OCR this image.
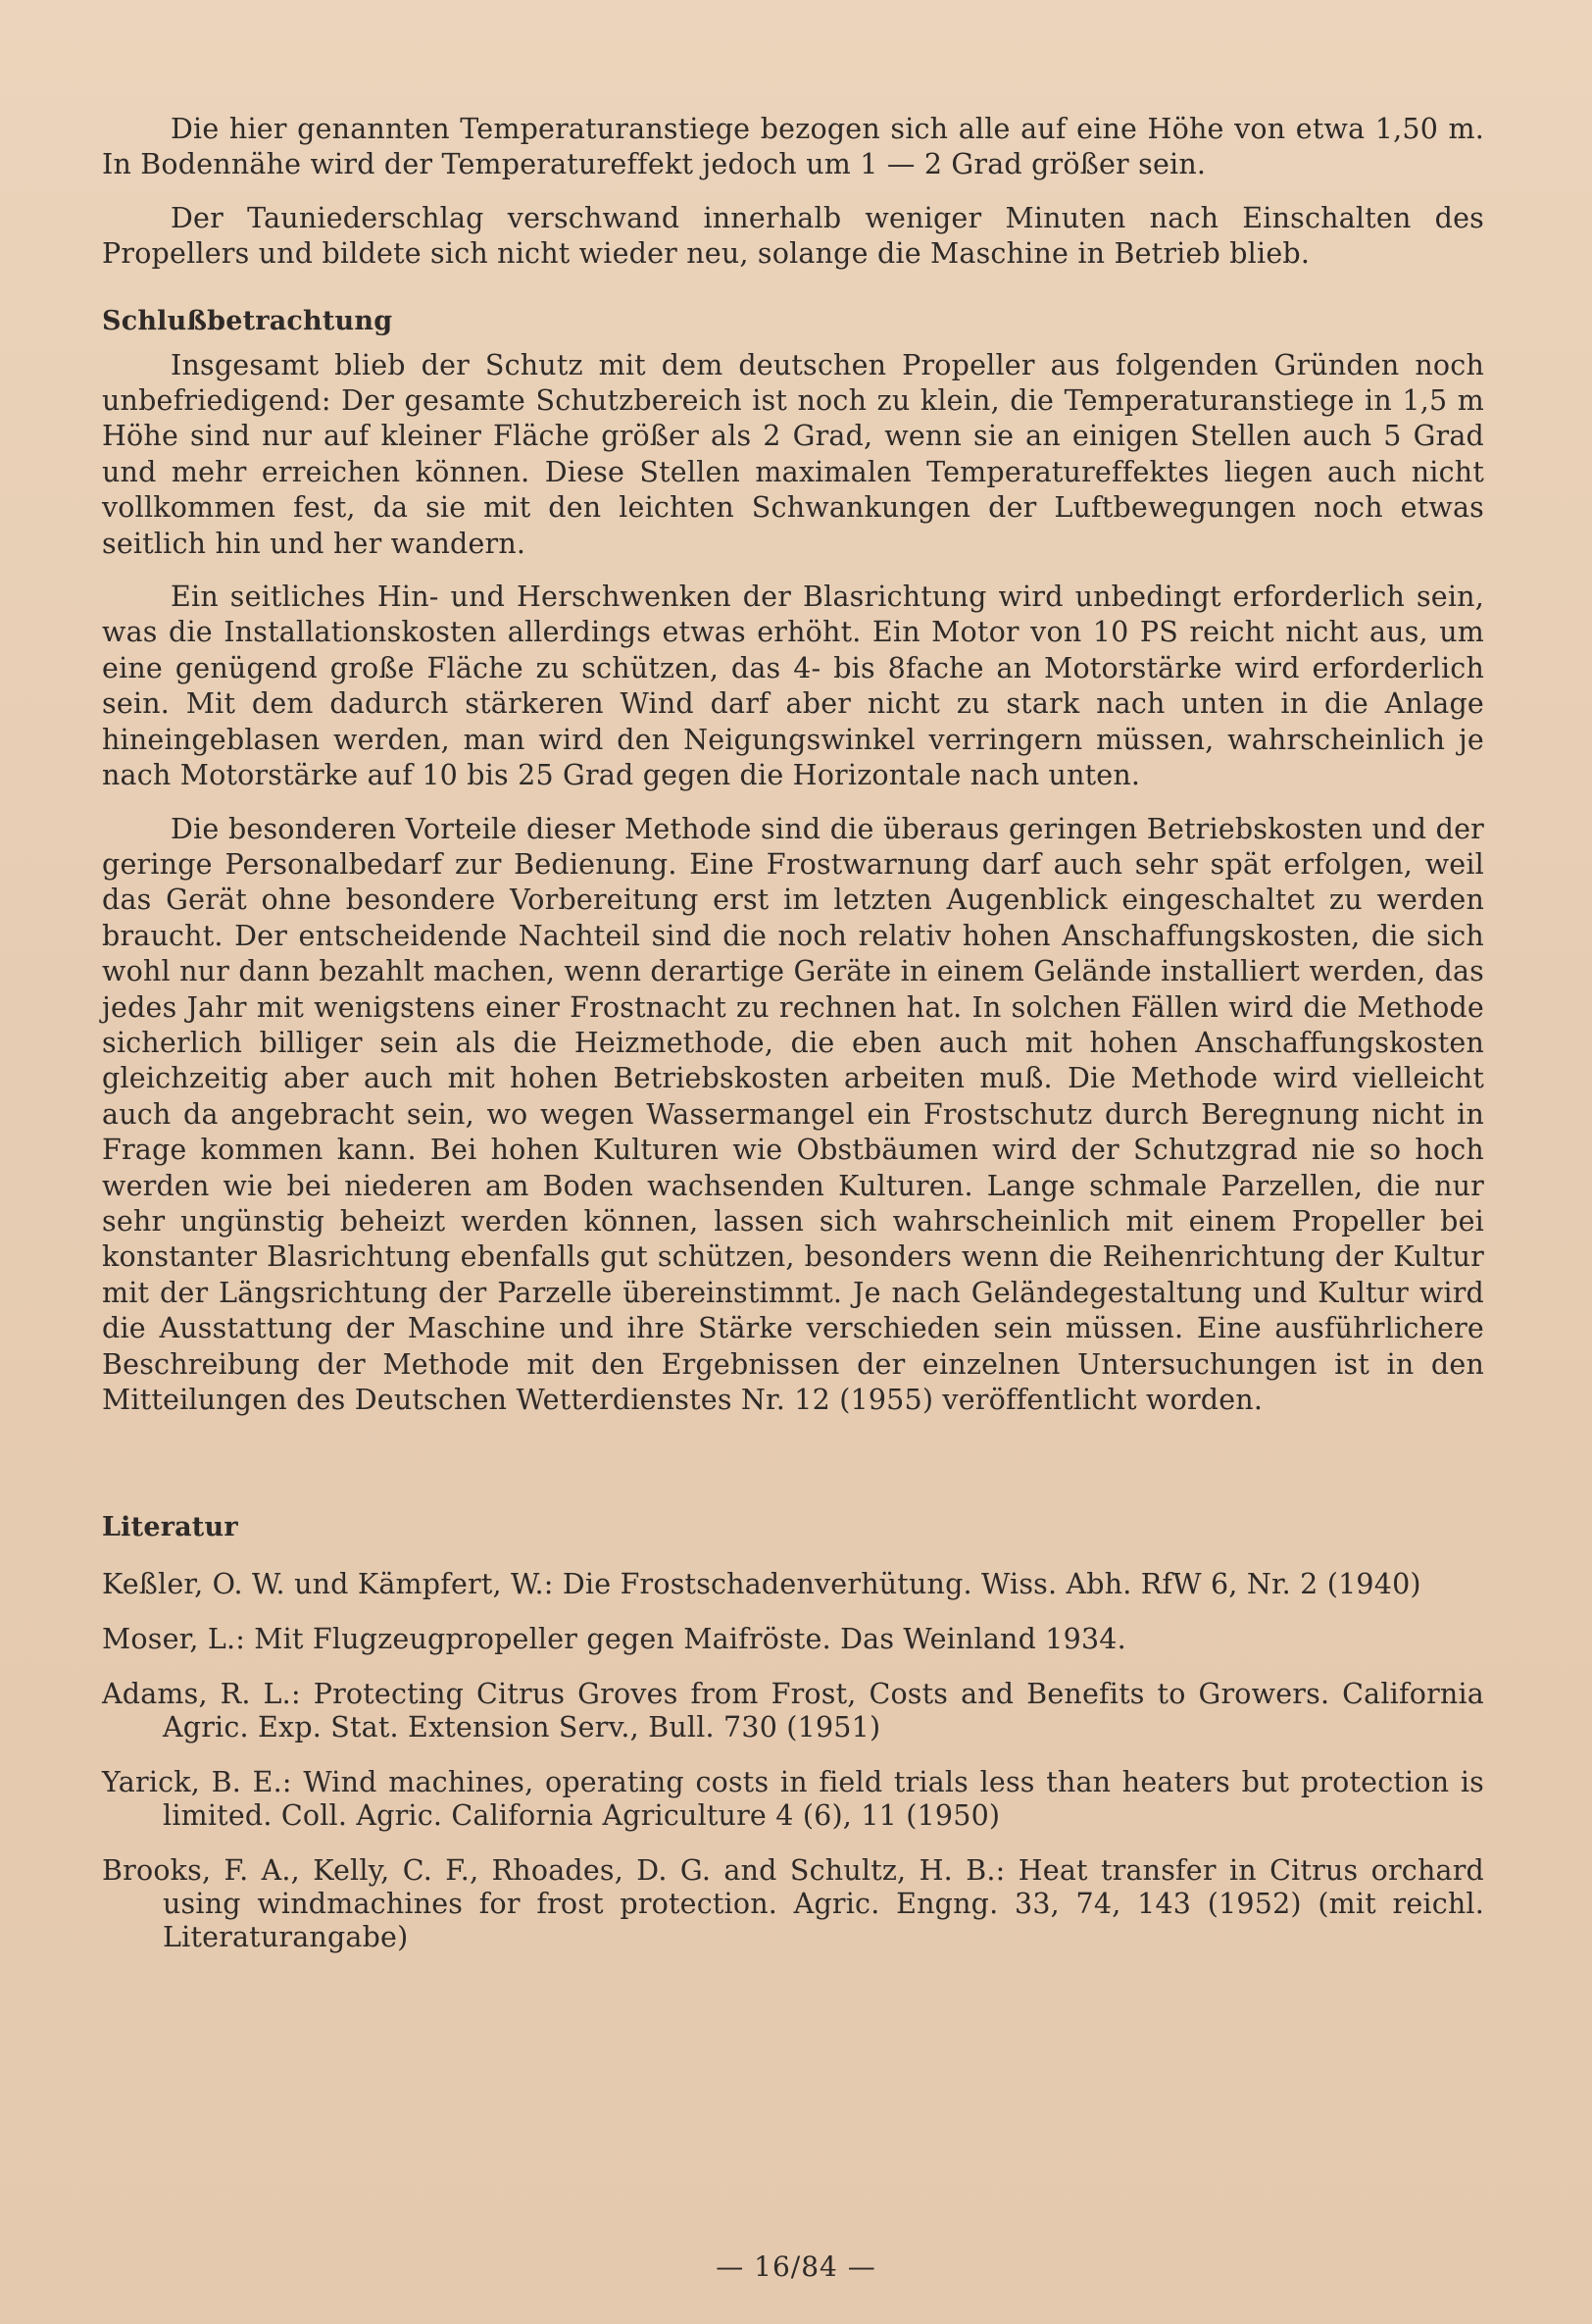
Die hier genannten Temperaturanstiege bezogen sich alle auf eine Höhe von etwa 1,50 m. In Bodennähe wird der Temperatureffekt jedoch um 1 — 2 Grad größer sein.

Der Tauniederschlag verschwand innerhalb weniger Minuten nach Einschalten des Propellers und bildete sich nicht wieder neu, solange die Maschine in Betrieb blieb.

Schlußbetrachtung

Insgesamt blieb der Schutz mit dem deutschen Propeller aus folgenden Gründen noch unbefriedigend: Der gesamte Schutzbereich ist noch zu klein, die Temperaturanstiege in 1,5 m Höhe sind nur auf kleiner Fläche größer als 2 Grad, wenn sie an einigen Stellen auch 5 Grad und mehr erreichen können. Diese Stellen maximalen Temperatureffektes liegen auch nicht vollkommen fest, da sie mit den leichten Schwankungen der Luftbewegungen noch etwas seitlich hin und her wandern.

Ein seitliches Hin- und Herschwenken der Blasrichtung wird unbedingt erforderlich sein, was die Installationskosten allerdings etwas erhöht. Ein Motor von 10 PS reicht nicht aus, um eine genügend große Fläche zu schützen, das 4- bis 8fache an Motorstärke wird erforderlich sein. Mit dem dadurch stärkeren Wind darf aber nicht zu stark nach unten in die Anlage hineingeblasen werden, man wird den Neigungswinkel verringern müssen, wahrscheinlich je nach Motorstärke auf 10 bis 25 Grad gegen die Horizontale nach unten.

Die besonderen Vorteile dieser Methode sind die überaus geringen Betriebskosten und der geringe Personalbedarf zur Bedienung. Eine Frostwarnung darf auch sehr spät erfolgen, weil das Gerät ohne besondere Vorbereitung erst im letzten Augenblick eingeschaltet zu werden braucht. Der entscheidende Nachteil sind die noch relativ hohen Anschaffungskosten, die sich wohl nur dann bezahlt machen, wenn derartige Geräte in einem Gelände installiert werden, das jedes Jahr mit wenigstens einer Frostnacht zu rechnen hat. In solchen Fällen wird die Methode sicherlich billiger sein als die Heizmethode, die eben auch mit hohen Anschaffungskosten gleichzeitig aber auch mit hohen Betriebskosten arbeiten muß. Die Methode wird vielleicht auch da angebracht sein, wo wegen Wassermangel ein Frostschutz durch Beregnung nicht in Frage kommen kann. Bei hohen Kulturen wie Obstbäumen wird der Schutzgrad nie so hoch werden wie bei niederen am Boden wachsenden Kulturen. Lange schmale Parzellen, die nur sehr ungünstig beheizt werden können, lassen sich wahrscheinlich mit einem Propeller bei konstanter Blasrichtung ebenfalls gut schützen, besonders wenn die Reihenrichtung der Kultur mit der Längsrichtung der Parzelle übereinstimmt. Je nach Geländegestaltung und Kultur wird die Ausstattung der Maschine und ihre Stärke verschieden sein müssen. Eine ausführlichere Beschreibung der Methode mit den Ergebnissen der einzelnen Untersuchungen ist in den Mitteilungen des Deutschen Wetterdienstes Nr. 12 (1955) veröffentlicht worden.

Literatur

Keßler, O. W. und Kämpfert, W.: Die Frostschadenverhütung. Wiss. Abh. RfW 6, Nr. 2 (1940)

Moser, L.: Mit Flugzeugpropeller gegen Maifröste. Das Weinland 1934.

Adams, R. L.: Protecting Citrus Groves from Frost, Costs and Benefits to Growers. California Agric. Exp. Stat. Extension Serv., Bull. 730 (1951)

Yarick, B. E.: Wind machines, operating costs in field trials less than heaters but protection is limited. Coll. Agric. California Agriculture 4 (6), 11 (1950)

Brooks, F. A., Kelly, C. F., Rhoades, D. G. and Schultz, H. B.: Heat transfer in Citrus orchard using windmachines for frost protection. Agric. Engng. 33, 74, 143 (1952) (mit reichl. Literaturangabe)

— 16/84 —
